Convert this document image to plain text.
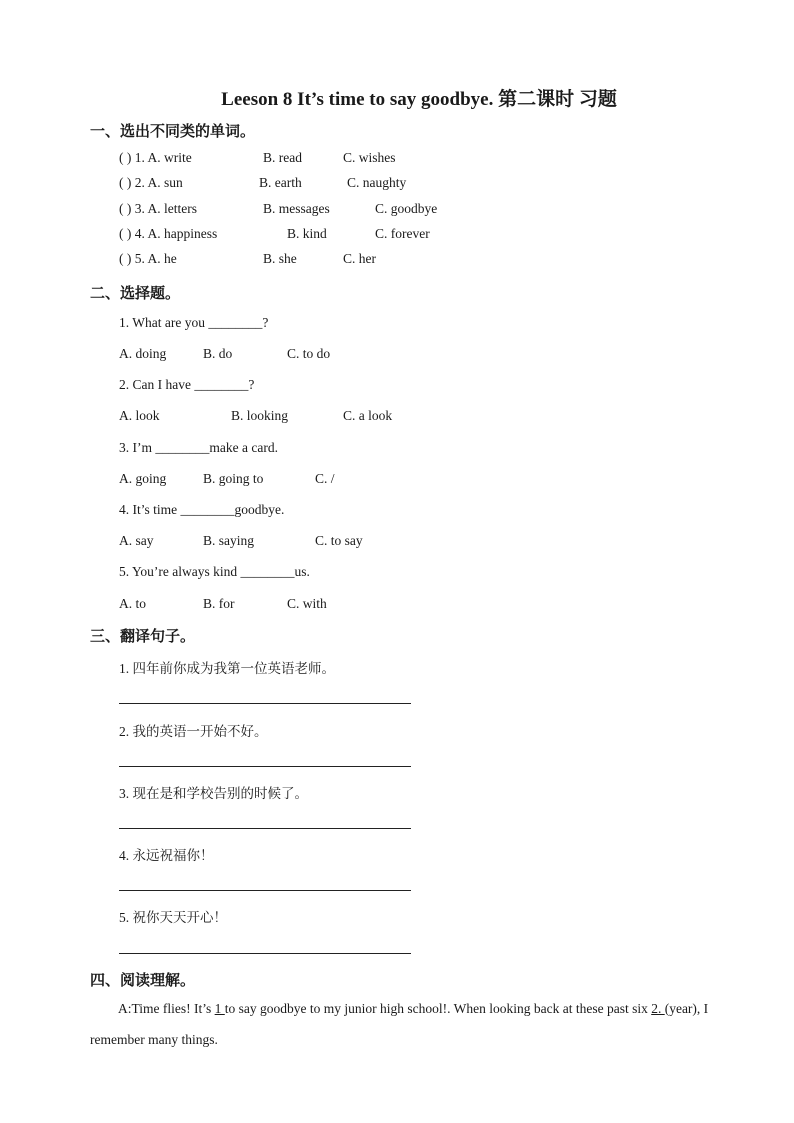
Leeson 8 It’s time to say goodbye. 第二课时 习题
一、选出不同类的单词。
( ) 1. A. write	B. read	C. wishes
( ) 2. A. sun	B. earth	C. naughty
( ) 3. A. letters	B. messages	C. goodbye
( ) 4. A. happiness	B. kind	C. forever
( ) 5. A. he	B. she	C. her
二、选择题。
1. What are you ________?
A. doing	B. do	C. to do
2. Can I have ________?
A. look	B. looking	C. a look
3. I’m ________make a card.
A. going	B. going to	C. /
4. It’s time ________goodbye.
A. say	B. saying	C. to say
5. You’re always kind ________us.
A. to	B. for	C. with
三、翻译句子。
1. 四年前你成为我第一位英语老师。
2. 我的英语一开始不好。
3. 现在是和学校告别的时候了。
4. 永远祝福你！
5. 祝你天天开心！
四、阅读理解。
A:Time flies! It’s 1 to say goodbye to my junior high school!. When looking back at these past six 2. (year), I remember many things.
